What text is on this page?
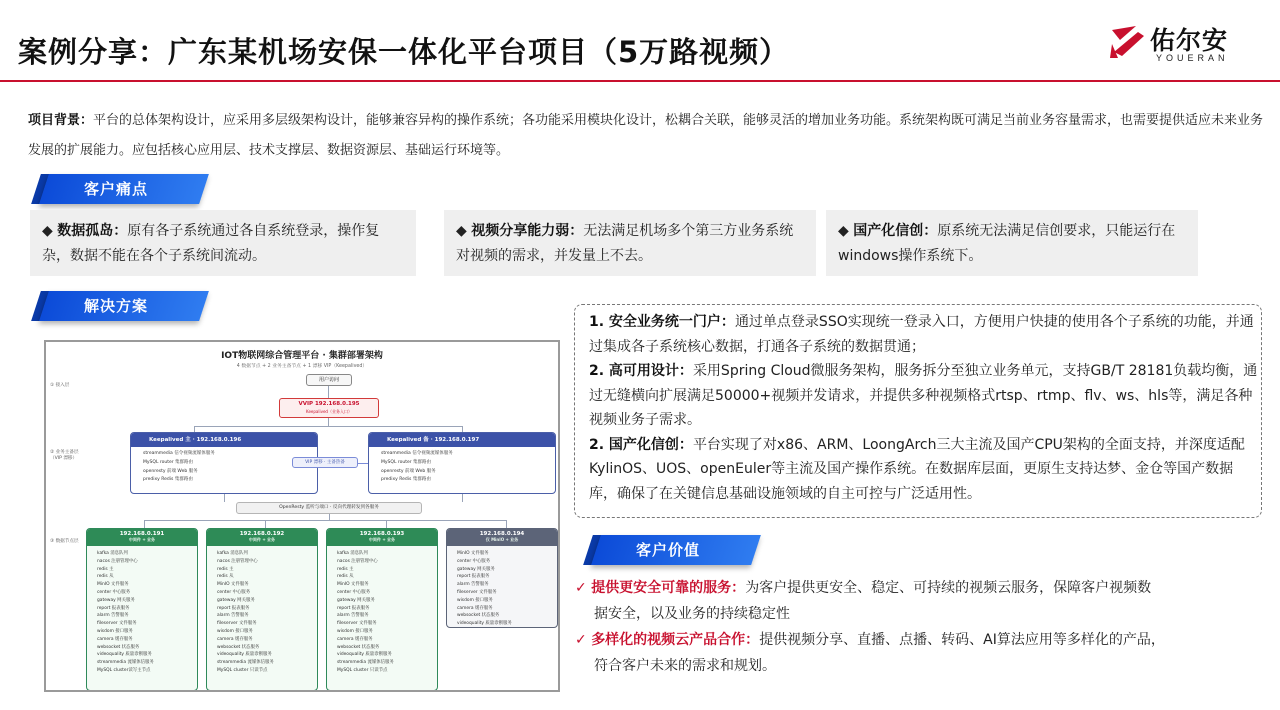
案例分享：广东某机场安保一体化平台项目（5万路视频）	佑尔安
YOUERAN
项目背景：平台的总体架构设计，应采用多层级架构设计，能够兼容异构的操作系统；各功能采用模块化设计，松耦合关联，能够灵活的增加业务功能。系统架构既可满足当前业务容量需求，也需要提供适应未来业务发展的扩展能力。应包括核心应用层、技术支撑层、数据资源层、基础运行环境等。
客户痛点
◆ 数据孤岛：原有各子系统通过各自系统登录，操作复杂，数据不能在各个子系统间流动。
◆ 视频分享能力弱：无法满足机场多个第三方业务系统对视频的需求，并发量上不去。
◆ 国产化信创：原系统无法满足信创要求，只能运行在windows操作系统下。
解决方案
IOT物联网综合管理平台 · 集群部署架构
4 数据节点 + 2 业务主备节点 + 1 漂移 VIP（Keepalived）
① 接入层
② 业务主备层（VIP 漂移）
③ 数据节点层
用户访问
VVIP 192.168.0.195
Keepalived（业务入口）
Keepalived 主 · 192.168.0.196
streammedia 信令视频流媒体服务
MySQL router 集群路由
openresty 前端 Web 服务
predixy Redis 集群路由
Keepalived 备 · 192.168.0.197
streammedia 信令视频流媒体服务
MySQL router 集群路由
openresty 前端 Web 服务
predixy Redis 集群路由
VIP 漂移 · 主备热备
OpenResty 监听与端口 · 反向代理转发到各服务
192.168.0.191
中间件 + 业务
kafka 消息队列
nacos 注册管理中心
redis 主
redis 从
MinIO 文件服务
center 中心服务
gateway 网关服务
report 报表服务
alarm 告警服务
fileserver 文件服务
wisdom 接口服务
camera 缓存服务
websocket 状态服务
videoquality 质量诊断服务
streammedia 流媒体信服务
MySQL cluster读写主节点
192.168.0.192
中间件 + 业务
kafka 消息队列
nacos 注册管理中心
redis 主
redis 从
MinIO 文件服务
center 中心服务
gateway 网关服务
report 报表服务
alarm 告警服务
fileserver 文件服务
wisdom 接口服务
camera 缓存服务
websocket 状态服务
videoquality 质量诊断服务
streammedia 流媒体信服务
MySQL cluster 只读节点
192.168.0.193
中间件 + 业务
kafka 消息队列
nacos 注册管理中心
redis 主
redis 从
MinIO 文件服务
center 中心服务
gateway 网关服务
report 报表服务
alarm 告警服务
fileserver 文件服务
wisdom 接口服务
camera 缓存服务
websocket 状态服务
videoquality 质量诊断服务
streammedia 流媒体信服务
MySQL cluster 只读节点
192.168.0.194
仅 MinIO + 业务
MinIO 文件服务
center 中心服务
gateway 网关服务
report 报表服务
alarm 告警服务
fileserver 文件服务
wisdom 接口服务
camera 缓存服务
websocket 状态服务
videoquality 质量诊断服务
1. 安全业务统一门户：通过单点登录SSO实现统一登录入口，方便用户快捷的使用各个子系统的功能，并通过集成各子系统核心数据，打通各子系统的数据贯通；
2. 高可用设计：采用Spring Cloud微服务架构，服务拆分至独立业务单元，支持GB/T 28181负载均衡，通过无缝横向扩展满足50000+视频并发请求，并提供多种视频格式rtsp、rtmp、flv、ws、hls等，满足各种视频业务子需求。
2. 国产化信创：平台实现了对x86、ARM、LoongArch三大主流及国产CPU架构的全面支持，并深度适配KylinOS、UOS、openEuler等主流及国产操作系统。在数据库层面，更原生支持达梦、金仓等国产数据库，确保了在关键信息基础设施领域的自主可控与广泛适用性。
客户价值
✓ 提供更安全可靠的服务：为客户提供更安全、稳定、可持续的视频云服务，保障客户视频数
据安全，以及业务的持续稳定性
✓ 多样化的视频云产品合作：提供视频分享、直播、点播、转码、AI算法应用等多样化的产品，
符合客户未来的需求和规划。
